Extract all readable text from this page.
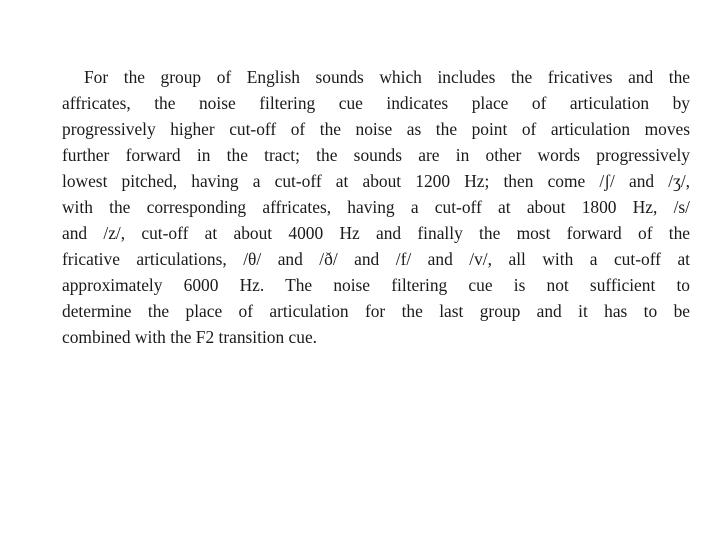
For the group of English sounds which includes the fricatives and the
affricates, the noise filtering cue indicates place of articulation by
progressively higher cut-off of the noise as the point of articulation moves
further forward in the tract; the sounds are in other words progressively
lowest pitched, having a cut-off at about 1200 Hz; then come /ʃ/ and /ʒ/,
with the corresponding affricates, having a cut-off at about 1800 Hz, /s/
and /z/, cut-off at about 4000 Hz and finally the most forward of the
fricative articulations, /θ/ and /ð/ and /f/ and /v/, all with a cut-off at
approximately 6000 Hz. The noise filtering cue is not sufficient to
determine the place of articulation for the last group and it has to be
combined with the F2 transition cue.
